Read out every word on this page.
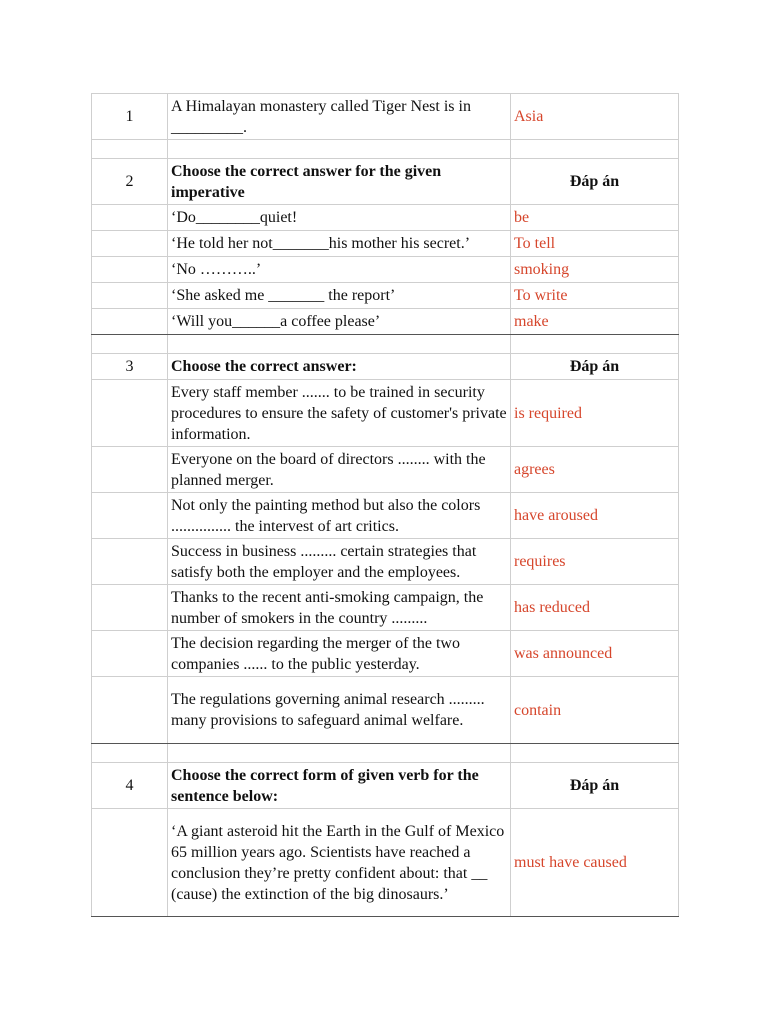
1	A Himalayan monastery called Tiger Nest is in _________.	Asia

2	Choose the correct answer for the given imperative	Đáp án
	‘Do________quiet!	be
	‘He told her not_______his mother his secret.’	To tell
	‘No ………..’	smoking
	‘She asked me _______ the report’	To write
	‘Will you______a coffee please’	make

3	Choose the correct answer:	Đáp án
	Every staff member ....... to be trained in security procedures to ensure the safety of customer's private information.	is required
	Everyone on the board of directors ........ with the planned merger.	agrees
	Not only the painting method but also the colors ............... the intervest of art critics.	have aroused
	Success in business ......... certain strategies that satisfy both the employer and the employees.	requires
	Thanks to the recent anti-smoking campaign, the number of smokers in the country .........	has reduced
	The decision regarding the merger of the two companies ...... to the public yesterday.	was announced
	The regulations governing animal research ......... many provisions to safeguard animal welfare.	contain

4	Choose the correct form of given verb for the sentence below:	Đáp án
	‘A giant asteroid hit the Earth in the Gulf of Mexico 65 million years ago. Scientists have reached a conclusion they’re pretty confident about: that __ (cause) the extinction of the big dinosaurs.’	must have caused
